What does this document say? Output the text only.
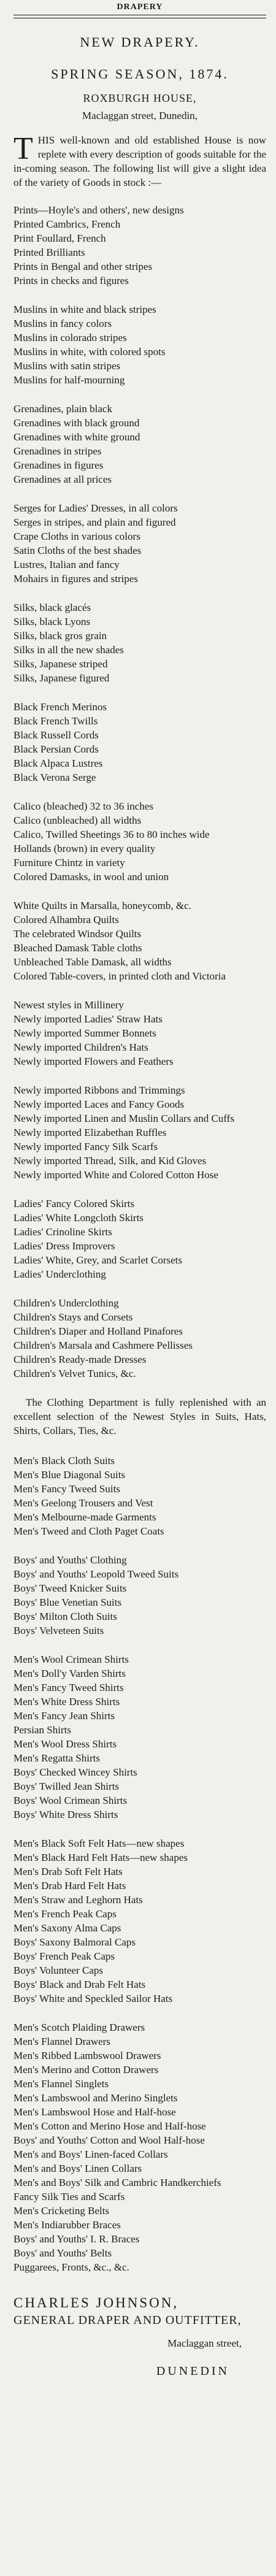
DRAPERY
NEW DRAPERY.
SPRING SEASON, 1874.
ROXBURGH HOUSE,
Maclaggan street, Dunedin,
T HIS well-known and old established House is now replete with every description of goods suitable for the in-coming season. The following list will give a slight idea of the variety of Goods in stock :—
Prints—Hoyle's and others', new designs
Printed Cambrics, French
Print Foullard, French
Printed Brilliants
Prints in Bengal and other stripes
Prints in checks and figures
Muslins in white and black stripes
Muslins in fancy colors
Muslins in colorado stripes
Muslins in white, with colored spots
Muslins with satin stripes
Muslins for half-mourning
Grenadines, plain black
Grenadines with black ground
Grenadines with white ground
Grenadines in stripes
Grenadines in figures
Grenadines at all prices
Serges for Ladies' Dresses, in all colors
Serges in stripes, and plain and figured
Crape Cloths in various colors
Satin Cloths of the best shades
Lustres, Italian and fancy
Mohairs in figures and stripes
Silks, black glacés
Silks, black Lyons
Silks, black gros grain
Silks in all the new shades
Silks, Japanese striped
Silks, Japanese figured
Black French Merinos
Black French Twills
Black Russell Cords
Black Persian Cords
Black Alpaca Lustres
Black Verona Serge
Calico (bleached) 32 to 36 inches
Calico (unbleached) all widths
Calico, Twilled Sheetings 36 to 80 inches wide
Hollands (brown) in every quality
Furniture Chintz in variety
Colored Damasks, in wool and union
White Quilts in Marsalla, honeycomb, &c.
Colored Alhambra Quilts
The celebrated Windsor Quilts
Bleached Damask Table cloths
Unbleached Table Damask, all widths
Colored Table-covers, in printed cloth and Victoria
Newest styles in Millinery
Newly imported Ladies' Straw Hats
Newly imported Summer Bonnets
Newly imported Children's Hats
Newly imported Flowers and Feathers
Newly imported Ribbons and Trimmings
Newly imported Laces and Fancy Goods
Newly imported Linen and Muslin Collars and Cuffs
Newly imported Elizabethan Ruffles
Newly imported Fancy Silk Scarfs
Newly imported Thread, Silk, and Kid Gloves
Newly imported White and Colored Cotton Hose
Ladies' Fancy Colored Skirts
Ladies' White Longcloth Skirts
Ladies' Crinoline Skirts
Ladies' Dress Improvers
Ladies' White, Grey, and Scarlet Corsets
Ladies' Underclothing
Children's Underclothing
Children's Stays and Corsets
Children's Diaper and Holland Pinafores
Children's Marsala and Cashmere Pellisses
Children's Ready-made Dresses
Children's Velvet Tunics, &c.
The Clothing Department is fully replenished with an excellent selection of the Newest Styles in Suits, Hats, Shirts, Collars, Ties, &c.
Men's Black Cloth Suits
Men's Blue Diagonal Suits
Men's Fancy Tweed Suits
Men's Geelong Trousers and Vest
Men's Melbourne-made Garments
Men's Tweed and Cloth Paget Coats
Boys' and Youths' Clothing
Boys' and Youths' Leopold Tweed Suits
Boys' Tweed Knicker Suits
Boys' Blue Venetian Suits
Boys' Milton Cloth Suits
Boys' Velveteen Suits
Men's Wool Crimean Shirts
Men's Doll'y Varden Shirts
Men's Fancy Tweed Shirts
Men's White Dress Shirts
Men's Fancy Jean Shirts
Persian Shirts
Men's Wool Dress Shirts
Men's Regatta Shirts
Boys' Checked Wincey Shirts
Boys' Twilled Jean Shirts
Boys' Wool Crimean Shirts
Boys' White Dress Shirts
Men's Black Soft Felt Hats—new shapes
Men's Black Hard Felt Hats—new shapes
Men's Drab Soft Felt Hats
Men's Drab Hard Felt Hats
Men's Straw and Leghorn Hats
Men's French Peak Caps
Men's Saxony Alma Caps
Boys' Saxony Balmoral Caps
Boys' French Peak Caps
Boys' Volunteer Caps
Boys' Black and Drab Felt Hats
Boys' White and Speckled Sailor Hats
Men's Scotch Plaiding Drawers
Men's Flannel Drawers
Men's Ribbed Lambswool Drawers
Men's Merino and Cotton Drawers
Men's Flannel Singlets
Men's Lambswool and Merino Singlets
Men's Lambswool Hose and Half-hose
Men's Cotton and Merino Hose and Half-hose
Boys' and Youths' Cotton and Wool Half-hose
Men's and Boys' Linen-faced Collars
Men's and Boys' Linen Collars
Men's and Boys' Silk and Cambric Handkerchiefs
Fancy Silk Ties and Scarfs
Men's Cricketing Belts
Men's Indiarubber Braces
Boys' and Youths' I. R. Braces
Boys' and Youths' Belts
Puggarees, Fronts, &c., &c.
CHARLES JOHNSON,
GENERAL DRAPER AND OUTFITTER,
Maclaggan street,
DUNEDIN
